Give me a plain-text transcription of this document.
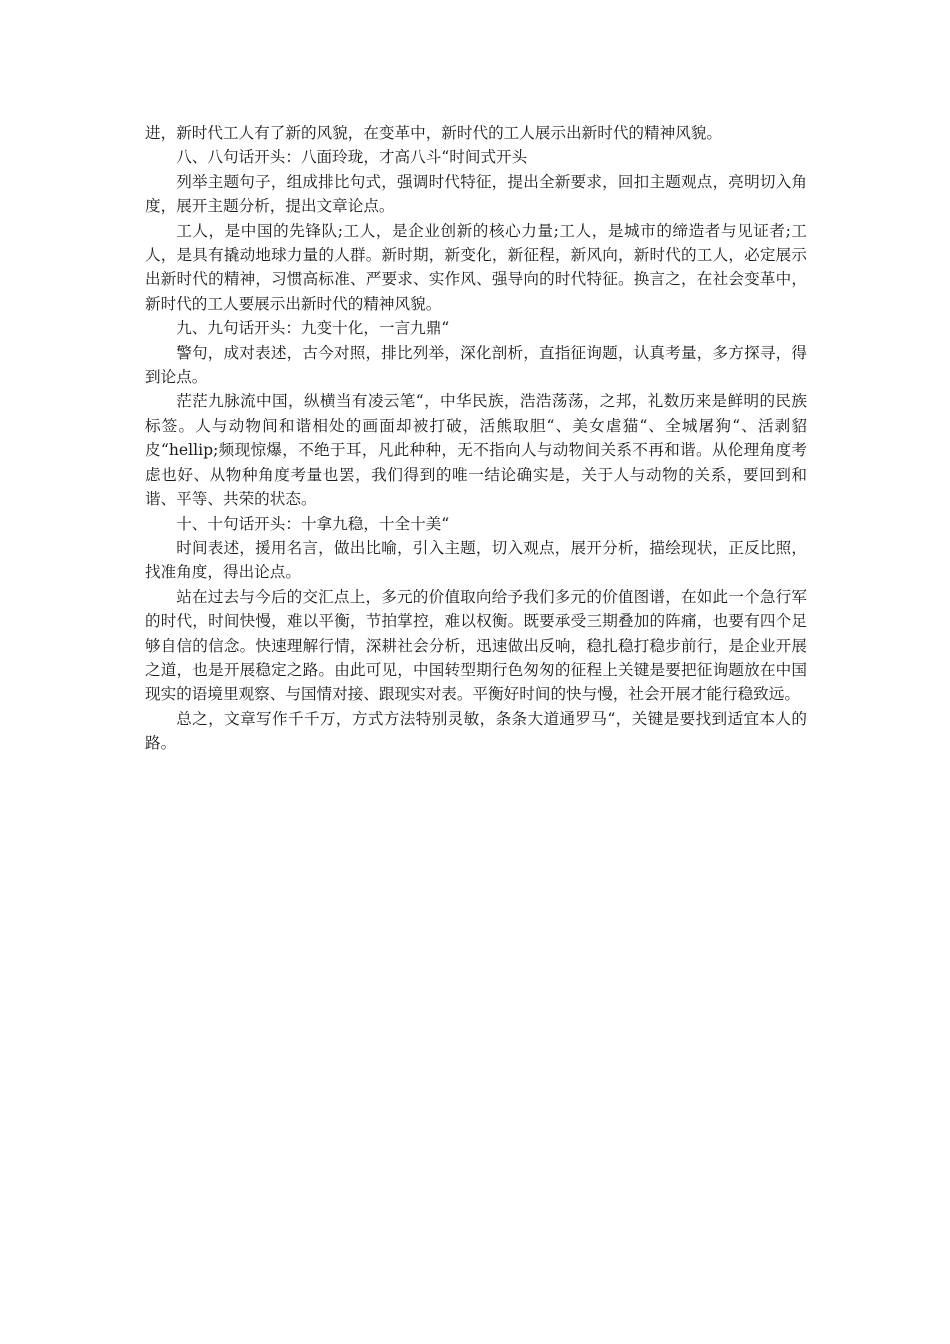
进，新时代工人有了新的风貌，在变革中，新时代的工人展示出新时代的精神风貌。

八、八句话开头：八面玲珑，才高八斗“时间式开头

列举主题句子，组成排比句式，强调时代特征，提出全新要求，回扣主题观点，亮明切入角度，展开主题分析，提出文章论点。

工人，是中国的先锋队;工人，是企业创新的核心力量;工人，是城市的缔造者与见证者;工人，是具有撬动地球力量的人群。新时期，新变化，新征程，新风向，新时代的工人，必定展示出新时代的精神，习惯高标准、严要求、实作风、强导向的时代特征。换言之，在社会变革中，新时代的工人要展示出新时代的精神风貌。

九、九句话开头：九变十化，一言九鼎“

警句，成对表述，古今对照，排比列举，深化剖析，直指征询题，认真考量，多方探寻，得到论点。

茫茫九脉流中国，纵横当有凌云笔“，中华民族，浩浩荡荡，之邦，礼数历来是鲜明的民族标签。人与动物间和谐相处的画面却被打破，活熊取胆“、美女虐猫“、全城屠狗“、活剥貂皮“hellip;频现惊爆，不绝于耳，凡此种种，无不指向人与动物间关系不再和谐。从伦理角度考虑也好、从物种角度考量也罢，我们得到的唯一结论确实是，关于人与动物的关系，要回到和谐、平等、共荣的状态。

十、十句话开头：十拿九稳，十全十美“

时间表述，援用名言，做出比喻，引入主题，切入观点，展开分析，描绘现状，正反比照，找准角度，得出论点。

站在过去与今后的交汇点上，多元的价值取向给予我们多元的价值图谱，在如此一个急行军的时代，时间快慢，难以平衡，节拍掌控，难以权衡。既要承受三期叠加的阵痛，也要有四个足够自信的信念。快速理解行情，深耕社会分析，迅速做出反响，稳扎稳打稳步前行，是企业开展之道，也是开展稳定之路。由此可见，中国转型期行色匆匆的征程上关键是要把征询题放在中国现实的语境里观察、与国情对接、跟现实对表。平衡好时间的快与慢，社会开展才能行稳致远。

总之，文章写作千千万，方式方法特别灵敏，条条大道通罗马“，关键是要找到适宜本人的路。
